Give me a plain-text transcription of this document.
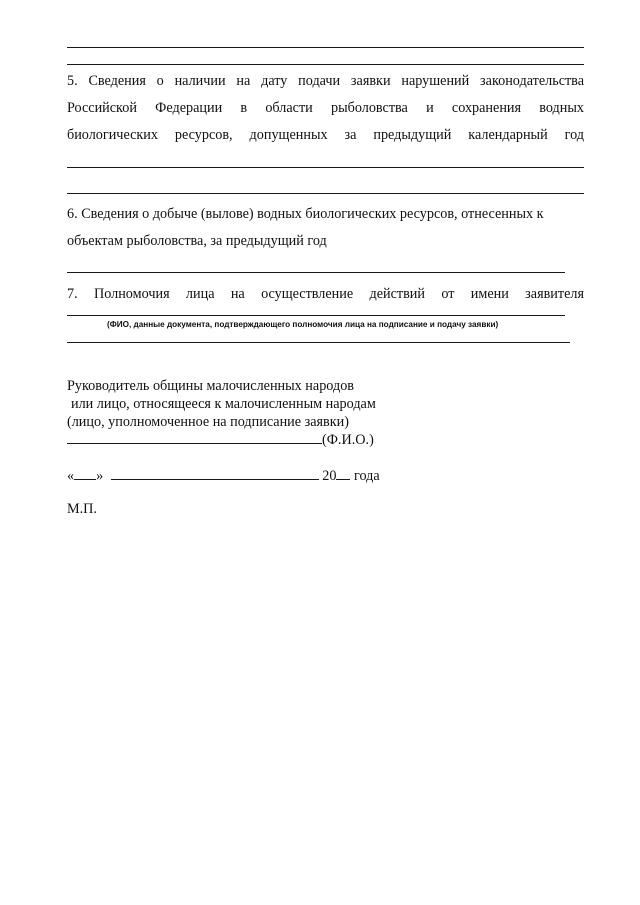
5. Сведения о наличии на дату подачи заявки нарушений законодательства
Российской Федерации в области рыболовства и сохранения водных
биологических ресурсов, допущенных за предыдущий календарный год
6. Сведения о добыче (вылове) водных биологических ресурсов, отнесенных к
объектам рыболовства, за предыдущий год
7. Полномочия лица на осуществление действий от имени заявителя
(ФИО, данные документа, подтверждающего полномочия лица на подписание и подачу заявки)
Руководитель общины малочисленных народов
или лицо, относящееся к малочисленным народам
(лицо, уполномоченное на подписание заявки)
(Ф.И.О.)
« »	20 года
М.П.
